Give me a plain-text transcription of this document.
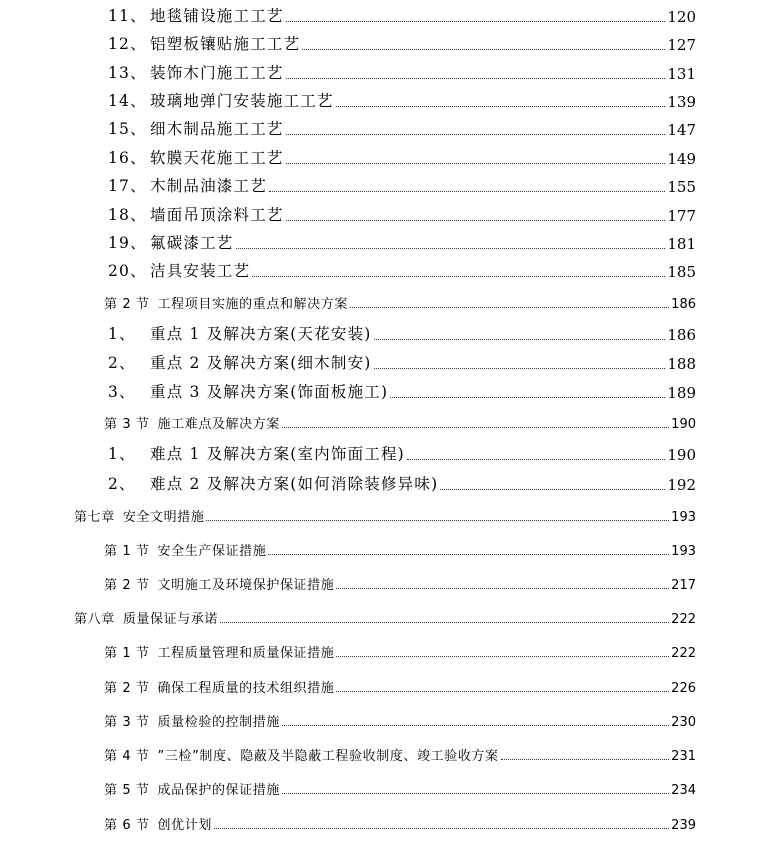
11、 地毯铺设施工工艺	120
12、 铝塑板镶贴施工工艺	127
13、 装饰木门施工工艺	131
14、 玻璃地弹门安装施工工艺	139
15、 细木制品施工工艺	147
16、 软膜天花施工工艺	149
17、 木制品油漆工艺	155
18、 墙面吊顶涂料工艺	177
19、 氟碳漆工艺	181
20、 洁具安装工艺	185
第 2 节 工程项目实施的重点和解决方案	186
1、 重点 1 及解决方案(天花安装)	186
2、 重点 2 及解决方案(细木制安)	188
3、 重点 3 及解决方案(饰面板施工)	189
第 3 节 施工难点及解决方案	190
1、 难点 1 及解决方案(室内饰面工程)	190
2、 难点 2 及解决方案(如何消除装修异味)	192
第七章 安全文明措施	193
第 1 节 安全生产保证措施	193
第 2 节 文明施工及环境保护保证措施	217
第八章 质量保证与承诺	222
第 1 节 工程质量管理和质量保证措施	222
第 2 节 确保工程质量的技术组织措施	226
第 3 节 质量检验的控制措施	230
第 4 节 ”三检”制度、隐蔽及半隐蔽工程验收制度、竣工验收方案	231
第 5 节 成品保护的保证措施	234
第 6 节 创优计划	239
